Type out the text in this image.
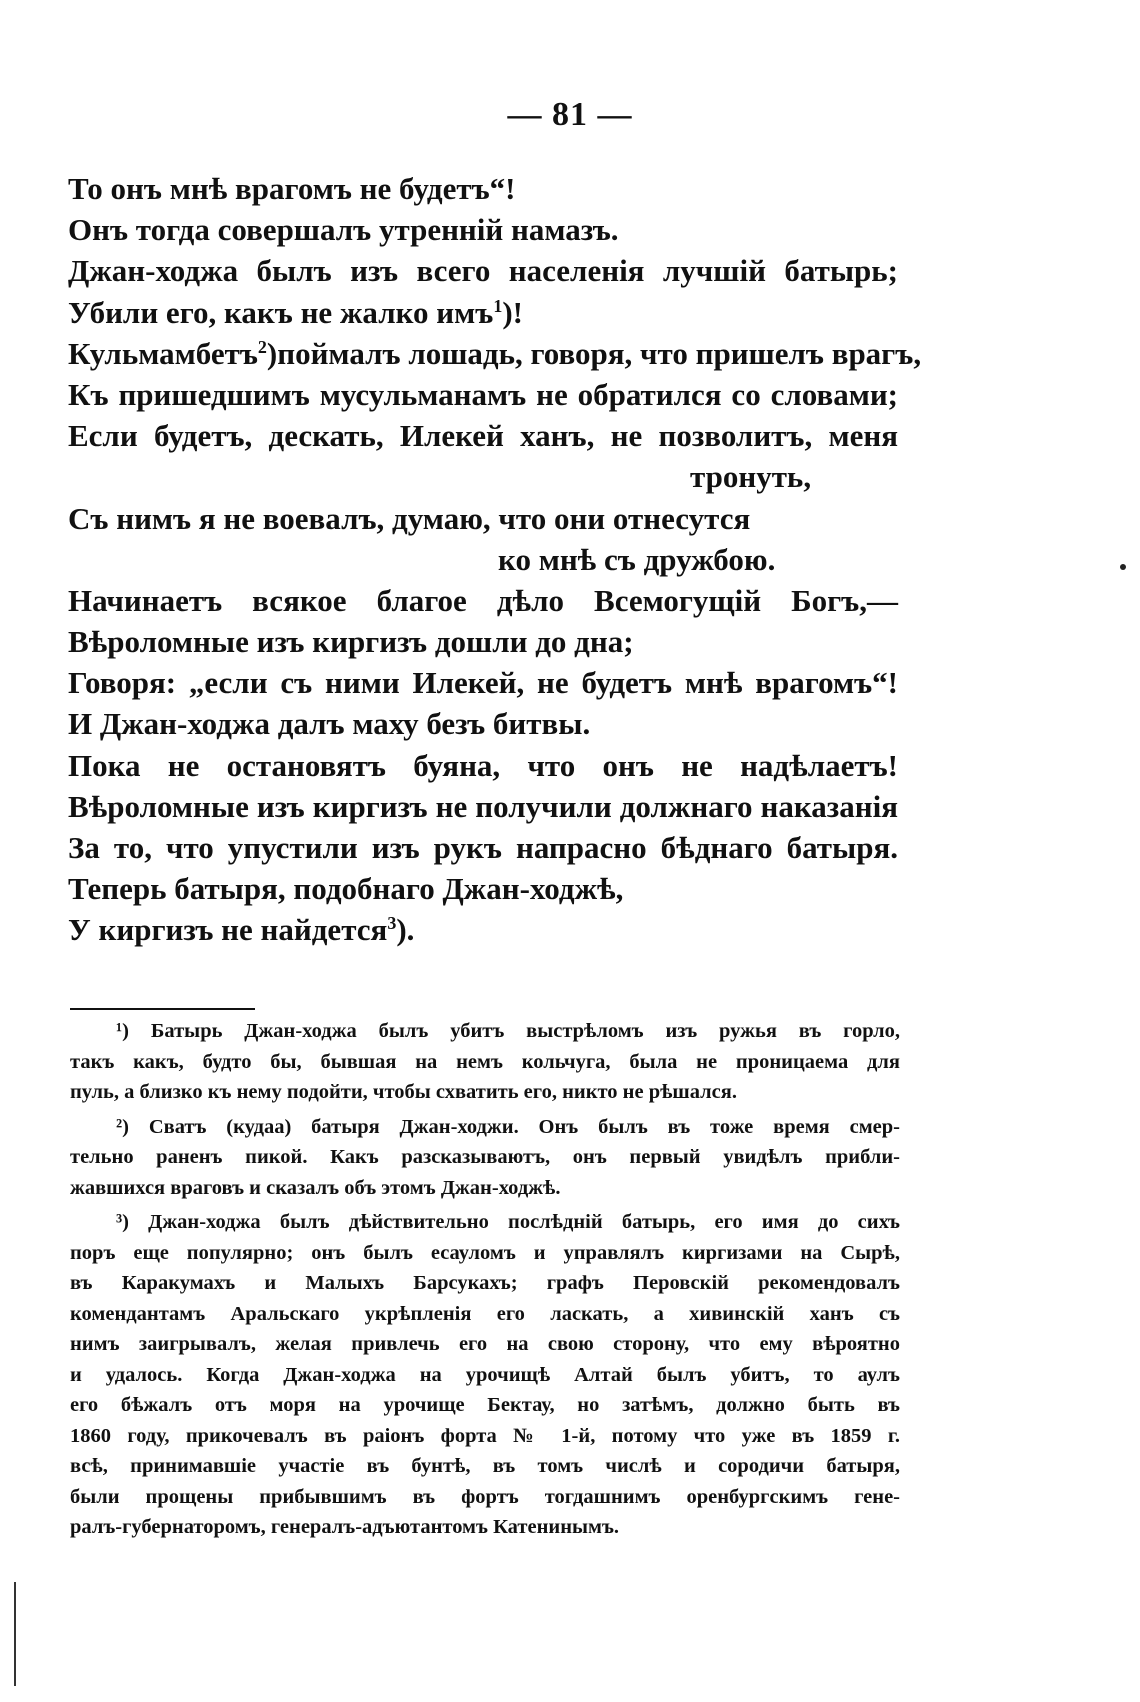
— 81 —
То онъ мнѣ врагомъ не будетъ“!
Онъ тогда совершалъ утренній намазъ.
Джан-ходжа былъ изъ всего населенія лучшій батырь;
Убили его, какъ не жалко имъ$^1$)!
Кульмамбетъ$^2$)поймалъ лошадь, говоря, что пришелъ врагъ,
Къ пришедшимъ мусульманамъ не обратился со словами;
Если будетъ, дескать, Илекей ханъ, не позволитъ, меня
тронуть,
Съ нимъ я не воевалъ, думаю, что они отнесутся
ко мнѣ съ дружбою.
Начинаетъ всякое благое дѣло Всемогущій Богъ,—
Вѣроломные изъ киргизъ дошли до дна;
Говоря: „если съ ними Илекей, не будетъ мнѣ врагомъ“!
И Джан-ходжа далъ маху безъ битвы.
Пока не остановятъ буяна, что онъ не надѣлаетъ!
Вѣроломные изъ киргизъ не получили должнаго наказанія
За то, что упустили изъ рукъ напрасно бѣднаго батыря.
Теперь батыря, подобнаго Джан-ходжѣ,
У киргизъ не найдется$^3$).
¹) Батырь Джан-ходжа былъ убитъ выстрѣломъ изъ ружья въ горло,
такъ какъ, будто бы, бывшая на немъ кольчуга, была не проницаема для
пуль, а близко къ нему подойти, чтобы схватить его, никто не рѣшался.
²) Сватъ (кудаа) батыря Джан-ходжи. Онъ былъ въ тоже время смер-
тельно раненъ пикой. Какъ разсказываютъ, онъ первый увидѣлъ прибли-
жавшихся враговъ и сказалъ объ этомъ Джан-ходжѣ.
³) Джан-ходжа былъ дѣйствительно послѣдній батырь, его имя до сихъ
поръ еще популярно; онъ былъ есауломъ и управлялъ киргизами на Сырѣ,
въ Каракумахъ и Малыхъ Барсукахъ; графъ Перовскій рекомендовалъ
комендантамъ Аральскаго укрѣпленія его ласкать, а хивинскій ханъ съ
нимъ заигрывалъ, желая привлечь его на свою сторону, что ему вѣроятно
и удалось. Когда Джан-ходжа на урочищѣ Алтай былъ убитъ, то аулъ
его бѣжалъ отъ моря на урочище Бектау, но затѣмъ, должно быть въ
1860 году, прикочевалъ въ раіонъ форта № 1-й, потому что уже въ 1859 г.
всѣ, принимавшіе участіе въ бунтѣ, въ томъ числѣ и сородичи батыря,
были прощены прибывшимъ въ фортъ тогдашнимъ оренбургскимъ гене-
ралъ-губернаторомъ, генералъ-адъютантомъ Катенинымъ.
